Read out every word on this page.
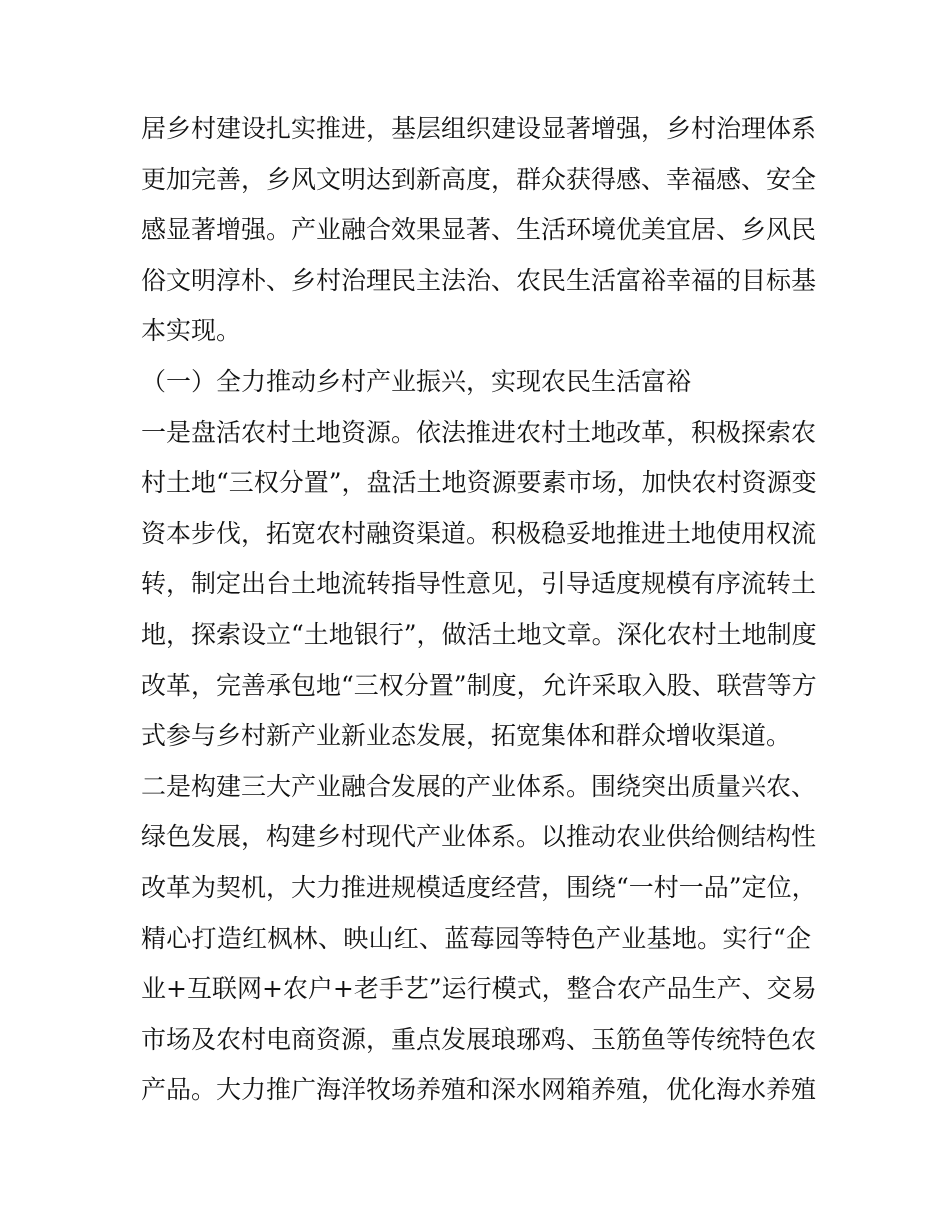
居乡村建设扎实推进，基层组织建设显著增强，乡村治理体系
更加完善，乡风文明达到新高度，群众获得感、幸福感、安全
感显著增强。产业融合效果显著、生活环境优美宜居、乡风民
俗文明淳朴、乡村治理民主法治、农民生活富裕幸福的目标基
本实现。
（一）全力推动乡村产业振兴，实现农民生活富裕
一是盘活农村土地资源。依法推进农村土地改革，积极探索农
村土地“三权分置”，盘活土地资源要素市场，加快农村资源变
资本步伐，拓宽农村融资渠道。积极稳妥地推进土地使用权流
转，制定出台土地流转指导性意见，引导适度规模有序流转土
地，探索设立“土地银行”，做活土地文章。深化农村土地制度
改革，完善承包地“三权分置”制度，允许采取入股、联营等方
式参与乡村新产业新业态发展，拓宽集体和群众增收渠道。
二是构建三大产业融合发展的产业体系。围绕突出质量兴农、
绿色发展，构建乡村现代产业体系。以推动农业供给侧结构性
改革为契机，大力推进规模适度经营，围绕“一村一品”定位，
精心打造红枫林、映山红、蓝莓园等特色产业基地。实行“企
业+互联网+农户+老手艺”运行模式，整合农产品生产、交易
市场及农村电商资源，重点发展琅琊鸡、玉筋鱼等传统特色农
产品。大力推广海洋牧场养殖和深水网箱养殖，优化海水养殖
